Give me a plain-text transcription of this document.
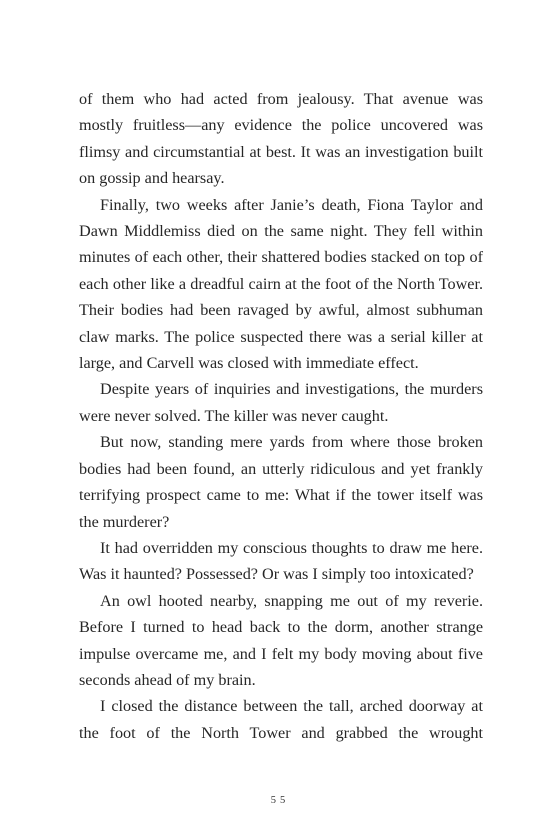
of them who had acted from jealousy. That avenue was mostly fruitless—any evidence the police uncovered was flimsy and circumstantial at best. It was an investigation built on gossip and hearsay.

Finally, two weeks after Janie’s death, Fiona Taylor and Dawn Middlemiss died on the same night. They fell within minutes of each other, their shattered bodies stacked on top of each other like a dreadful cairn at the foot of the North Tower. Their bodies had been ravaged by awful, almost subhuman claw marks. The police suspected there was a serial killer at large, and Carvell was closed with immediate effect.

Despite years of inquiries and investigations, the murders were never solved. The killer was never caught.

But now, standing mere yards from where those broken bodies had been found, an utterly ridiculous and yet frankly terrifying prospect came to me: What if the tower itself was the murderer?

It had overridden my conscious thoughts to draw me here. Was it haunted? Possessed? Or was I simply too intoxicated?

An owl hooted nearby, snapping me out of my reverie. Before I turned to head back to the dorm, another strange impulse overcame me, and I felt my body moving about five seconds ahead of my brain.

I closed the distance between the tall, arched doorway at the foot of the North Tower and grabbed the wrought

55
